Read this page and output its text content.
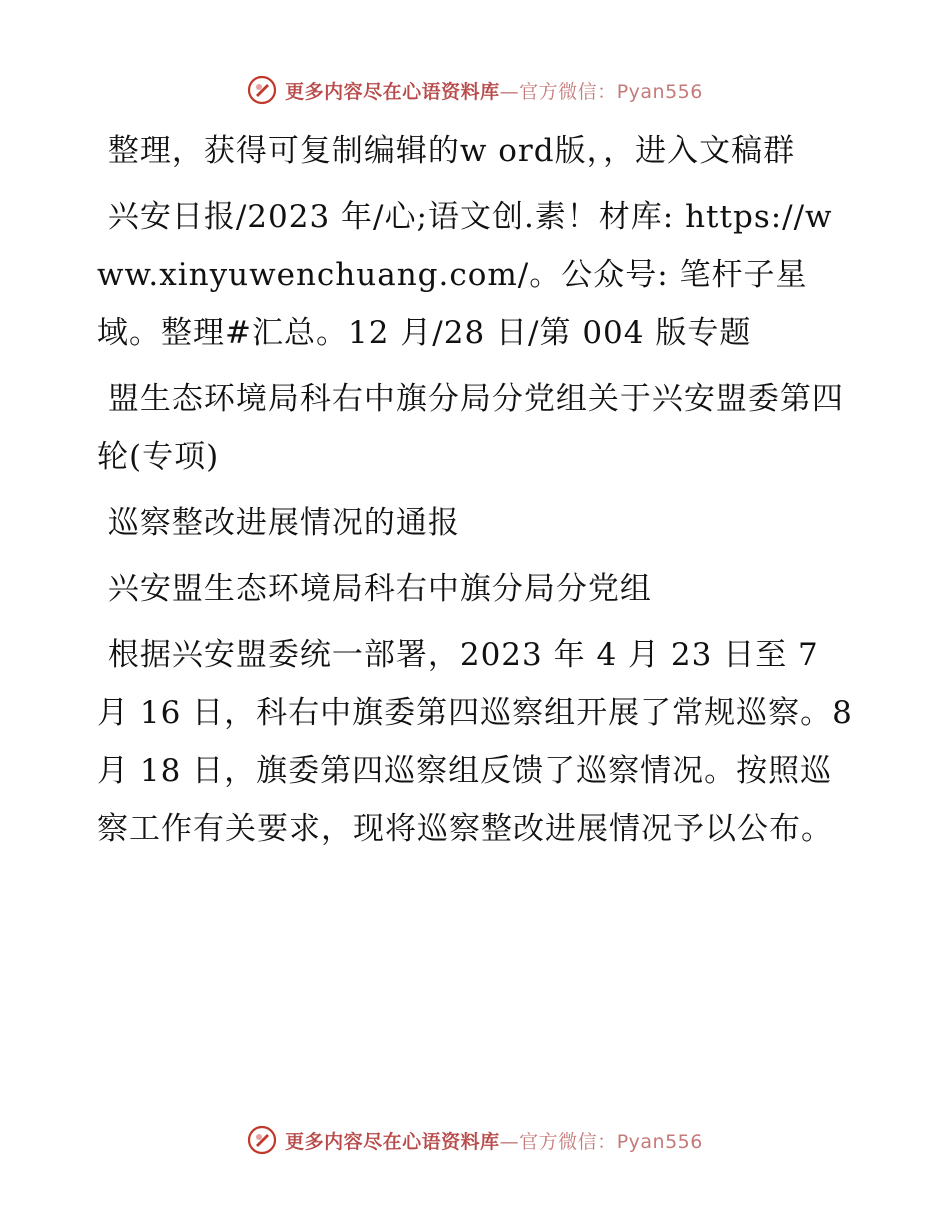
更多内容尽在心语资料库—官方微信：Pyan556

整理，获得可复制编辑的w ord版，，进入文稿群

兴安日报/2023 年/心;语文创.素！材库: https://www.xinyuwenchuang.com/。公众号: 笔杆子星域。整理#汇总。12 月/28 日/第 004 版专题

盟生态环境局科右中旗分局分党组关于兴安盟委第四轮(专项)

巡察整改进展情况的通报

兴安盟生态环境局科右中旗分局分党组

根据兴安盟委统一部署，2023 年 4 月 23 日至 7 月 16 日，科右中旗委第四巡察组开展了常规巡察。8 月 18 日，旗委第四巡察组反馈了巡察情况。按照巡察工作有关要求，现将巡察整改进展情况予以公布。

更多内容尽在心语资料库—官方微信：Pyan556
